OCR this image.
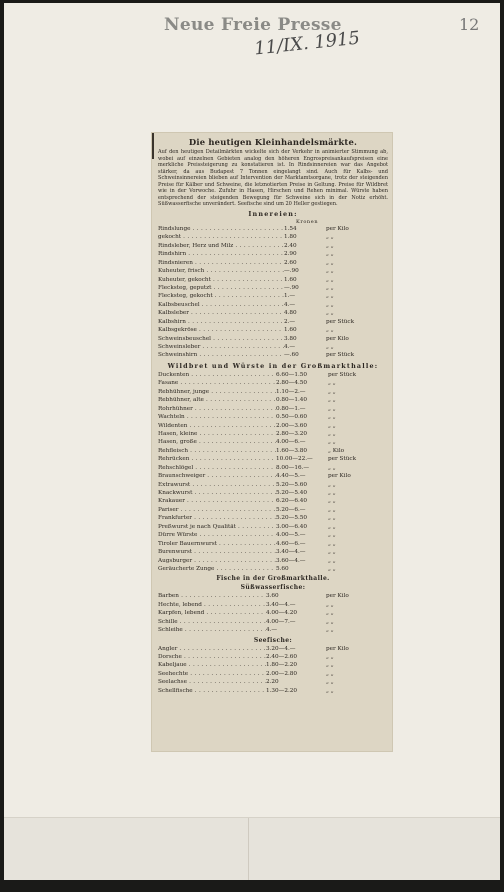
Neue Freie Presse	12
11/IX. 1915
Die heutigen Kleinhandelsmärkte.
Auf den heutigen Detailmärkten wickelte sich der Verkehr in animierter Stimmung ab, wobei auf einzelnen Gebieten analog den höheren Engrospreisankaufspreisen eine merkliche Preissteigerung zu konstatieren ist. In Rindsinnereien war das Angebot stärker, da aus Budapest 7 Tonnen eingelangt sind. Auch für Kalbs- und Schweinsinnereien blieben auf Intervention der Marktamtsorgane, trotz der steigenden Preise für Kälber und Schweine, die letznotierten Preise in Geltung. Preise für Wildbret wie in der Vorwoche. Zufuhr in Hasen, Hirschen und Rehen minimal. Würste haben entsprechend der steigenden Bewegung für Schweine sich in der Notiz erhöht. Süßwasserfische unverändert. Seefische sind um 20 Heller gestiegen.
Innereien:
Kronen
Rindslunge . . .	1.54	per Kilo
gekocht . . .	1.80	„ „
Rindsleber, Herz und Milz . . .	2.40	„ „
Rindshirn . . .	2.90	„ „
Rindsnieren . . .	2.60	„ „
Kuheuter, frisch . . .	—.90	„ „
Kuheuter, gekocht . . .	1.60	„ „
Flecksteg, geputzt . . .	—.90	„ „
Flecksteg, gekocht . . .	1.—	„ „
Kalbsbeuschel . . .	4.—	„ „
Kalbsleber . . .	4.80	„ „
Kalbshirn . . .	2.—	per Stück
Kalbsgekröse . . .	1.60	„ „
Schweinsbeuschel . . .	3.80	per Kilo
Schweinsleber . . .	4.—	„ „
Schweinshirn . . .	—.60	per Stück
Wildbret und Würste in der Großmarkthalle:
Duckenten . . .	6.60—1.50	per Stück
Fasane . . .	2.80—4.50	„ „
Rebhühner, junge . . .	1.10—2.—	„ „
Rebhühner, alte . . .	0.80—1.40	„ „
Rohrhühner . . .	0.80—1.—	„ „
Wachteln . . .	0.50—0.60	„ „
Wildenten . . .	2.00—3.60	„ „
Hasen, kleine . . .	2.80—3.20	„ „
Hasen, große . . .	4.00—6.—	„ „
Rehfleisch . . .	1.60—3.80	„ Kilo
Rehrücken . . .	10.00—22.—	per Stück
Rehschlögel . . .	8.00—16.—	„ „
Braunschweiger . . .	4.40—5.—	per Kilo
Extrawurst . . .	5.20—5.60	„ „
Knackwurst . . .	5.20—5.40	„ „
Krakauer . . .	6.20—6.40	„ „
Pariser . . .	5.20—6.—	„ „
Frankfurter . . .	5.20—5.50	„ „
Preßwurst je nach Qualität . . .	3.00—6.40	„ „
Dürre Würste . . .	4.00—5.—	„ „
Tiroler Bauernwurst . . .	4.60—6.—	„ „
Burenwurst . . .	3.40—4.—	„ „
Augsburger . . .	3.60—4.—	„ „
Geräucherte Zunge . . .	5.60	„ „
Fische in der Großmarkthalle.
Süßwasserfische:
Barben . . .	3.60	per Kilo
Hechte, lebend . . .	3.40—4.—	„ „
Karpfen, lebend . . .	4.00—4.20	„ „
Schille . . .	4.00—7.—	„ „
Schleihe . . .	4.—	„ „
Seefische:
Angler . . .	3.20—4.—	per Kilo
Dorsche . . .	2.40—2.60	„ „
Kabeljaue . . .	1.80—2.20	„ „
Seehechte . . .	2.00—2.80	„ „
Seelachse . . .	2.20	„ „
Schellfische . . .	1.30—2.20	„ „
